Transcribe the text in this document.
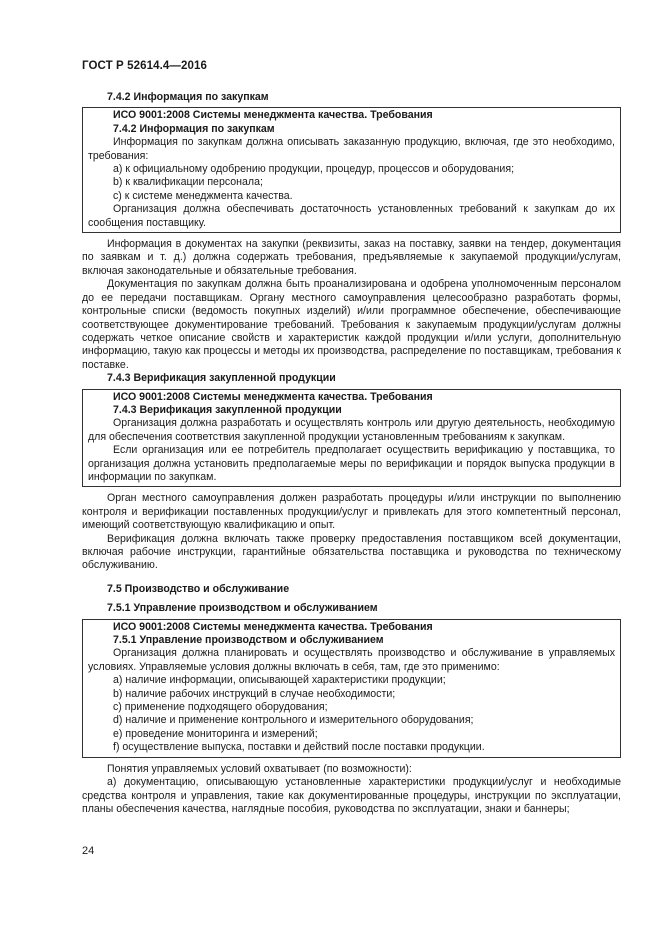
ГОСТ Р 52614.4—2016

7.4.2 Информация по закупкам

ИСО 9001:2008 Системы менеджмента качества. Требования

7.4.2 Информация по закупкам

Информация по закупкам должна описывать заказанную продукцию, включая, где это необходимо, требования:

a) к официальному одобрению продукции, процедур, процессов и оборудования;

b) к квалификации персонала;

c) к системе менеджмента качества.

Организация должна обеспечивать достаточность установленных требований к закупкам до их сообщения поставщику.

Информация в документах на закупки (реквизиты, заказ на поставку, заявки на тендер, документация по заявкам и т. д.) должна содержать требования, предъявляемые к закупаемой продукции/услугам, включая законодательные и обязательные требования.

Документация по закупкам должна быть проанализирована и одобрена уполномоченным персоналом до ее передачи поставщикам. Органу местного самоуправления целесообразно разработать формы, контрольные списки (ведомость покупных изделий) и/или программное обеспечение, обеспечивающие соответствующее документирование требований. Требования к закупаемым продукции/услугам должны содержать четкое описание свойств и характеристик каждой продукции и/или услуги, дополнительную информацию, такую как процессы и методы их производства, распределение по поставщикам, требования к поставке.

7.4.3 Верификация закупленной продукции

ИСО 9001:2008 Системы менеджмента качества. Требования

7.4.3 Верификация закупленной продукции

Организация должна разработать и осуществлять контроль или другую деятельность, необходимую для обеспечения соответствия закупленной продукции установленным требованиям к закупкам.

Если организация или ее потребитель предполагает осуществить верификацию у поставщика, то организация должна установить предполагаемые меры по верификации и порядок выпуска продукции в информации по закупкам.

Орган местного самоуправления должен разработать процедуры и/или инструкции по выполнению контроля и верификации поставленных продукции/услуг и привлекать для этого компетентный персонал, имеющий соответствующую квалификацию и опыт.

Верификация должна включать также проверку предоставления поставщиком всей документации, включая рабочие инструкции, гарантийные обязательства поставщика и руководства по техническому обслуживанию.

7.5 Производство и обслуживание

7.5.1 Управление производством и обслуживанием

ИСО 9001:2008 Системы менеджмента качества. Требования

7.5.1 Управление производством и обслуживанием

Организация должна планировать и осуществлять производство и обслуживание в управляемых условиях. Управляемые условия должны включать в себя, там, где это применимо:

a) наличие информации, описывающей характеристики продукции;

b) наличие рабочих инструкций в случае необходимости;

c) применение подходящего оборудования;

d) наличие и применение контрольного и измерительного оборудования;

e) проведение мониторинга и измерений;

f) осуществление выпуска, поставки и действий после поставки продукции.

Понятия управляемых условий охватывает (по возможности):

a) документацию, описывающую установленные характеристики продукции/услуг и необходимые средства контроля и управления, такие как документированные процедуры, инструкции по эксплуатации, планы обеспечения качества, наглядные пособия, руководства по эксплуатации, знаки и баннеры;

24
